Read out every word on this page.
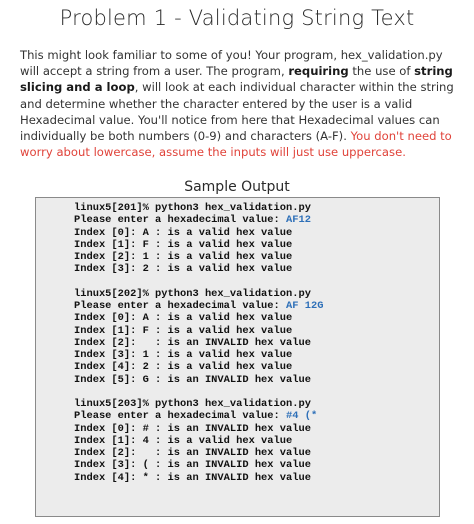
Problem 1 - Validating String Text
This might look familiar to some of you! Your program, hex_validation.py will accept a string from a user. The program, requiring the use of string slicing and a loop, will look at each individual character within the string and determine whether the character entered by the user is a valid Hexadecimal value. You'll notice from here that Hexadecimal values can individually be both numbers (0-9) and characters (A-F). You don't need to worry about lowercase, assume the inputs will just use uppercase.
Sample Output
linux5[201]% python3 hex_validation.py
Please enter a hexadecimal value: AF12
Index [0]: A : is a valid hex value
Index [1]: F : is a valid hex value
Index [2]: 1 : is a valid hex value
Index [3]: 2 : is a valid hex value
linux5[202]% python3 hex_validation.py
Please enter a hexadecimal value: AF 12G
Index [0]: A : is a valid hex value
Index [1]: F : is a valid hex value
Index [2]:   : is an INVALID hex value
Index [3]: 1 : is a valid hex value
Index [4]: 2 : is a valid hex value
Index [5]: G : is an INVALID hex value
linux5[203]% python3 hex_validation.py
Please enter a hexadecimal value: #4 (*
Index [0]: # : is an INVALID hex value
Index [1]: 4 : is a valid hex value
Index [2]:   : is an INVALID hex value
Index [3]: ( : is an INVALID hex value
Index [4]: * : is an INVALID hex value
